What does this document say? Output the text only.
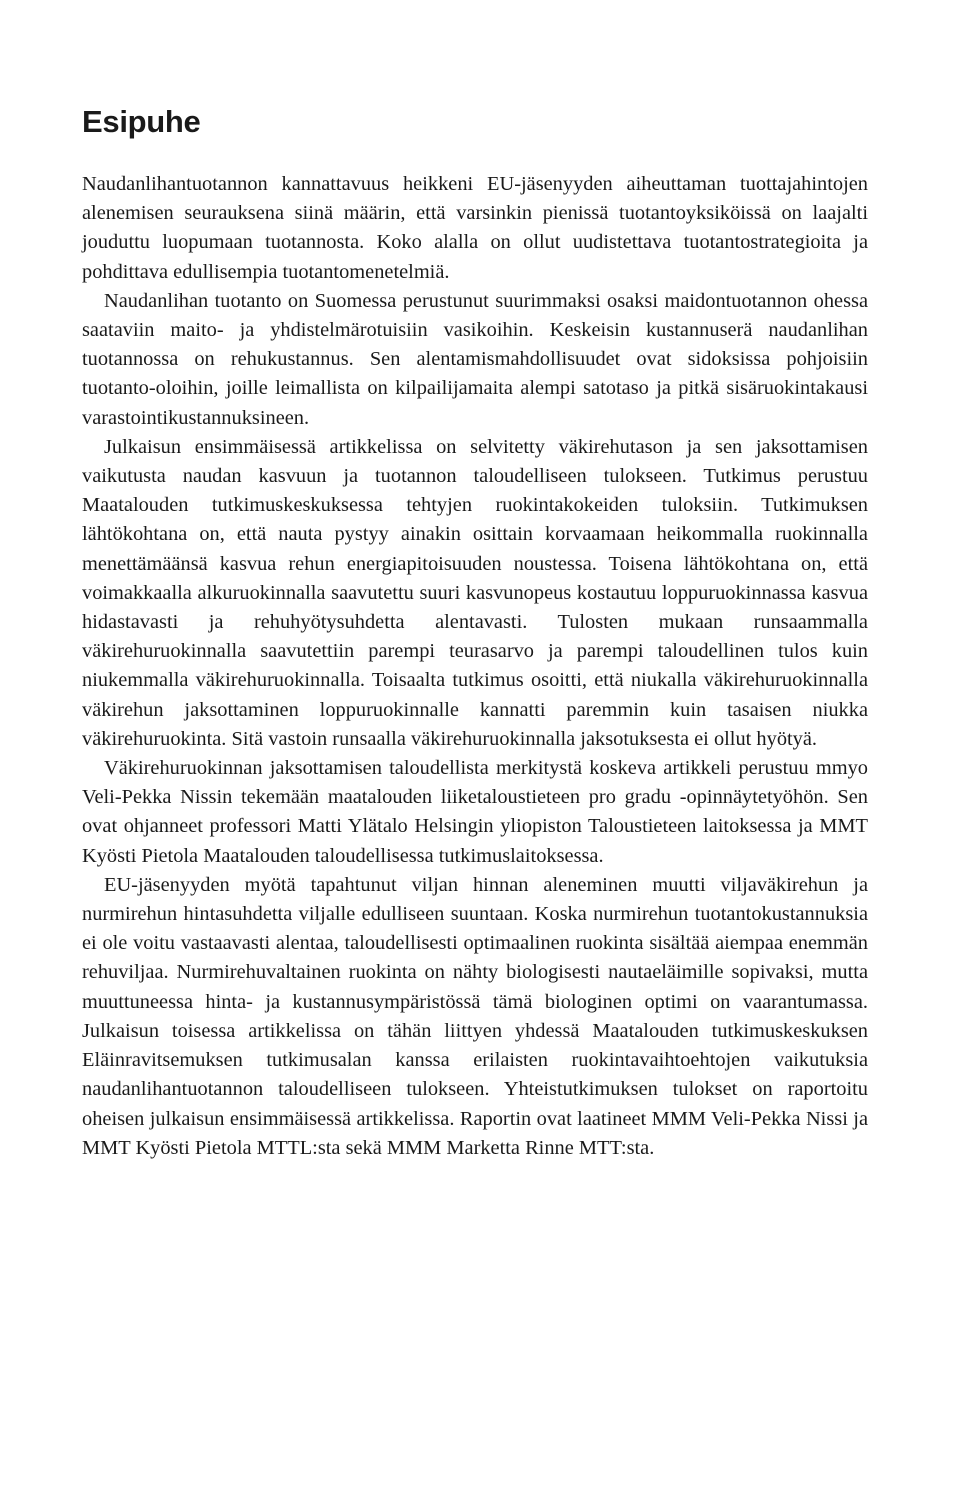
Esipuhe

Naudanlihantuotannon kannattavuus heikkeni EU-jäsenyyden aiheuttaman tuottajahintojen alenemisen seurauksena siinä määrin, että varsinkin pienissä tuotantoyksiköissä on laajalti jouduttu luopumaan tuotannosta. Koko alalla on ollut uudistettava tuotantostrategioita ja pohdittava edullisempia tuotantomenetelmiä.

Naudanlihan tuotanto on Suomessa perustunut suurimmaksi osaksi maidontuotannon ohessa saataviin maito- ja yhdistelmärotuisiin vasikoihin. Keskeisin kustannuserä naudanlihan tuotannossa on rehukustannus. Sen alentamismahdollisuudet ovat sidoksissa pohjoisiin tuotanto-oloihin, joille leimallista on kilpailijamaita alempi satotaso ja pitkä sisäruokintakausi varastointikustannuksineen.

Julkaisun ensimmäisessä artikkelissa on selvitetty väkirehutason ja sen jaksottamisen vaikutusta naudan kasvuun ja tuotannon taloudelliseen tulokseen. Tutkimus perustuu Maatalouden tutkimuskeskuksessa tehtyjen ruokintakokeiden tuloksiin. Tutkimuksen lähtökohtana on, että nauta pystyy ainakin osittain korvaamaan heikommalla ruokinnalla menettämäänsä kasvua rehun energiapitoisuuden noustessa. Toisena lähtökohtana on, että voimakkaalla alkuruokinnalla saavutettu suuri kasvunopeus kostautuu loppuruokinnassa kasvua hidastavasti ja rehuhyötysuhdetta alentavasti. Tulosten mukaan runsaammalla väkirehuruokinnalla saavutettiin parempi teurasarvo ja parempi taloudellinen tulos kuin niukemmalla väkirehuruokinnalla. Toisaalta tutkimus osoitti, että niukalla väkirehuruokinnalla väkirehun jaksottaminen loppuruokinnalle kannatti paremmin kuin tasaisen niukka väkirehuruokinta. Sitä vastoin runsaalla väkirehuruokinnalla jaksotuksesta ei ollut hyötyä.

Väkirehuruokinnan jaksottamisen taloudellista merkitystä koskeva artikkeli perustuu mmyo Veli-Pekka Nissin tekemään maatalouden liiketaloustieteen pro gradu -opinnäytetyöhön. Sen ovat ohjanneet professori Matti Ylätalo Helsingin yliopiston Taloustieteen laitoksessa ja MMT Kyösti Pietola Maatalouden taloudellisessa tutkimuslaitoksessa.

EU-jäsenyyden myötä tapahtunut viljan hinnan aleneminen muutti viljaväkirehun ja nurmirehun hintasuhdetta viljalle edulliseen suuntaan. Koska nurmirehun tuotantokustannuksia ei ole voitu vastaavasti alentaa, taloudellisesti optimaalinen ruokinta sisältää aiempaa enemmän rehuviljaa. Nurmirehuvaltainen ruokinta on nähty biologisesti nautaeläimille sopivaksi, mutta muuttuneessa hinta- ja kustannusympäristössä tämä biologinen optimi on vaarantumassa. Julkaisun toisessa artikkelissa on tähän liittyen yhdessä Maatalouden tutkimuskeskuksen Eläinravitsemuksen tutkimusalan kanssa erilaisten ruokintavaihtoehtojen vaikutuksia naudanlihantuotannon taloudelliseen tulokseen. Yhteistutkimuksen tulokset on raportoitu oheisen julkaisun ensimmäisessä artikkelissa. Raportin ovat laatineet MMM Veli-Pekka Nissi ja MMT Kyösti Pietola MTTL:sta sekä MMM Marketta Rinne MTT:sta.
